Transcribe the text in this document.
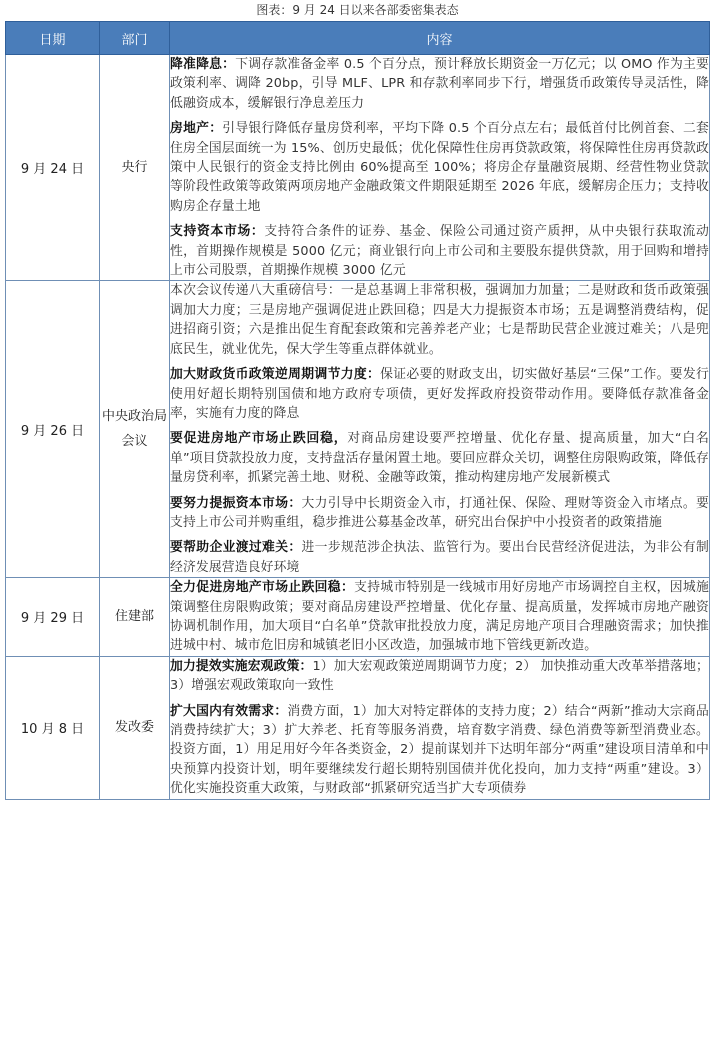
图表：9 月 24 日以来各部委密集表态
日期	部门	内容
9 月 24 日	央行	降准降息：下调存款准备金率 0.5 个百分点，预计释放长期资金一万亿元；以 OMO 作为主要政策利率、调降 20bp，引导 MLF、LPR 和存款利率同步下行，增强货币政策传导灵活性，降低融资成本，缓解银行净息差压力

房地产：引导银行降低存量房贷利率，平均下降 0.5 个百分点左右；最低首付比例首套、二套住房全国层面统一为 15%、创历史最低；优化保障性住房再贷款政策，将保障性住房再贷款政策中人民银行的资金支持比例由 60%提高至 100%；将房企存量融资展期、经营性物业贷款等阶段性政策等政策两项房地产金融政策文件期限延期至 2026 年底，缓解房企压力；支持收购房企存量土地

支持资本市场：支持符合条件的证券、基金、保险公司通过资产质押，从中央银行获取流动性，首期操作规模是 5000 亿元；商业银行向上市公司和主要股东提供贷款，用于回购和增持上市公司股票，首期操作规模 3000 亿元

9 月 26 日	中央政治局会议	本次会议传递八大重磅信号：一是总基调上非常积极，强调加力加量；二是财政和货币政策强调加大力度；三是房地产强调促进止跌回稳；四是大力提振资本市场；五是调整消费结构，促进招商引资；六是推出促生育配套政策和完善养老产业；七是帮助民营企业渡过难关；八是兜底民生，就业优先，保大学生等重点群体就业。

加大财政货币政策逆周期调节力度：保证必要的财政支出，切实做好基层“三保”工作。要发行使用好超长期特别国债和地方政府专项债，更好发挥政府投资带动作用。要降低存款准备金率，实施有力度的降息

要促进房地产市场止跌回稳，对商品房建设要严控增量、优化存量、提高质量，加大“白名单”项目贷款投放力度，支持盘活存量闲置土地。要回应群众关切，调整住房限购政策，降低存量房贷利率，抓紧完善土地、财税、金融等政策，推动构建房地产发展新模式

要努力提振资本市场：大力引导中长期资金入市，打通社保、保险、理财等资金入市堵点。要支持上市公司并购重组，稳步推进公募基金改革，研究出台保护中小投资者的政策措施

要帮助企业渡过难关：进一步规范涉企执法、监管行为。要出台民营经济促进法，为非公有制经济发展营造良好环境

9 月 29 日	住建部	全力促进房地产市场止跌回稳：支持城市特别是一线城市用好房地产市场调控自主权，因城施策调整住房限购政策；要对商品房建设严控增量、优化存量、提高质量，发挥城市房地产融资协调机制作用，加大项目“白名单”贷款审批投放力度，满足房地产项目合理融资需求；加快推进城中村、城市危旧房和城镇老旧小区改造，加强城市地下管线更新改造。

10 月 8 日	发改委	加力提效实施宏观政策：1）加大宏观政策逆周期调节力度；2） 加快推动重大改革举措落地；3）增强宏观政策取向一致性

扩大国内有效需求：消费方面，1）加大对特定群体的支持力度；2）结合“两新”推动大宗商品消费持续扩大；3）扩大养老、托育等服务消费，培育数字消费、绿色消费等新型消费业态。投资方面，1）用足用好今年各类资金，2）提前谋划并下达明年部分“两重”建设项目清单和中央预算内投资计划，明年要继续发行超长期特别国债并优化投向，加力支持“两重”建设。3）优化实施投资重大政策，与财政部“抓紧研究适当扩大专项债券
